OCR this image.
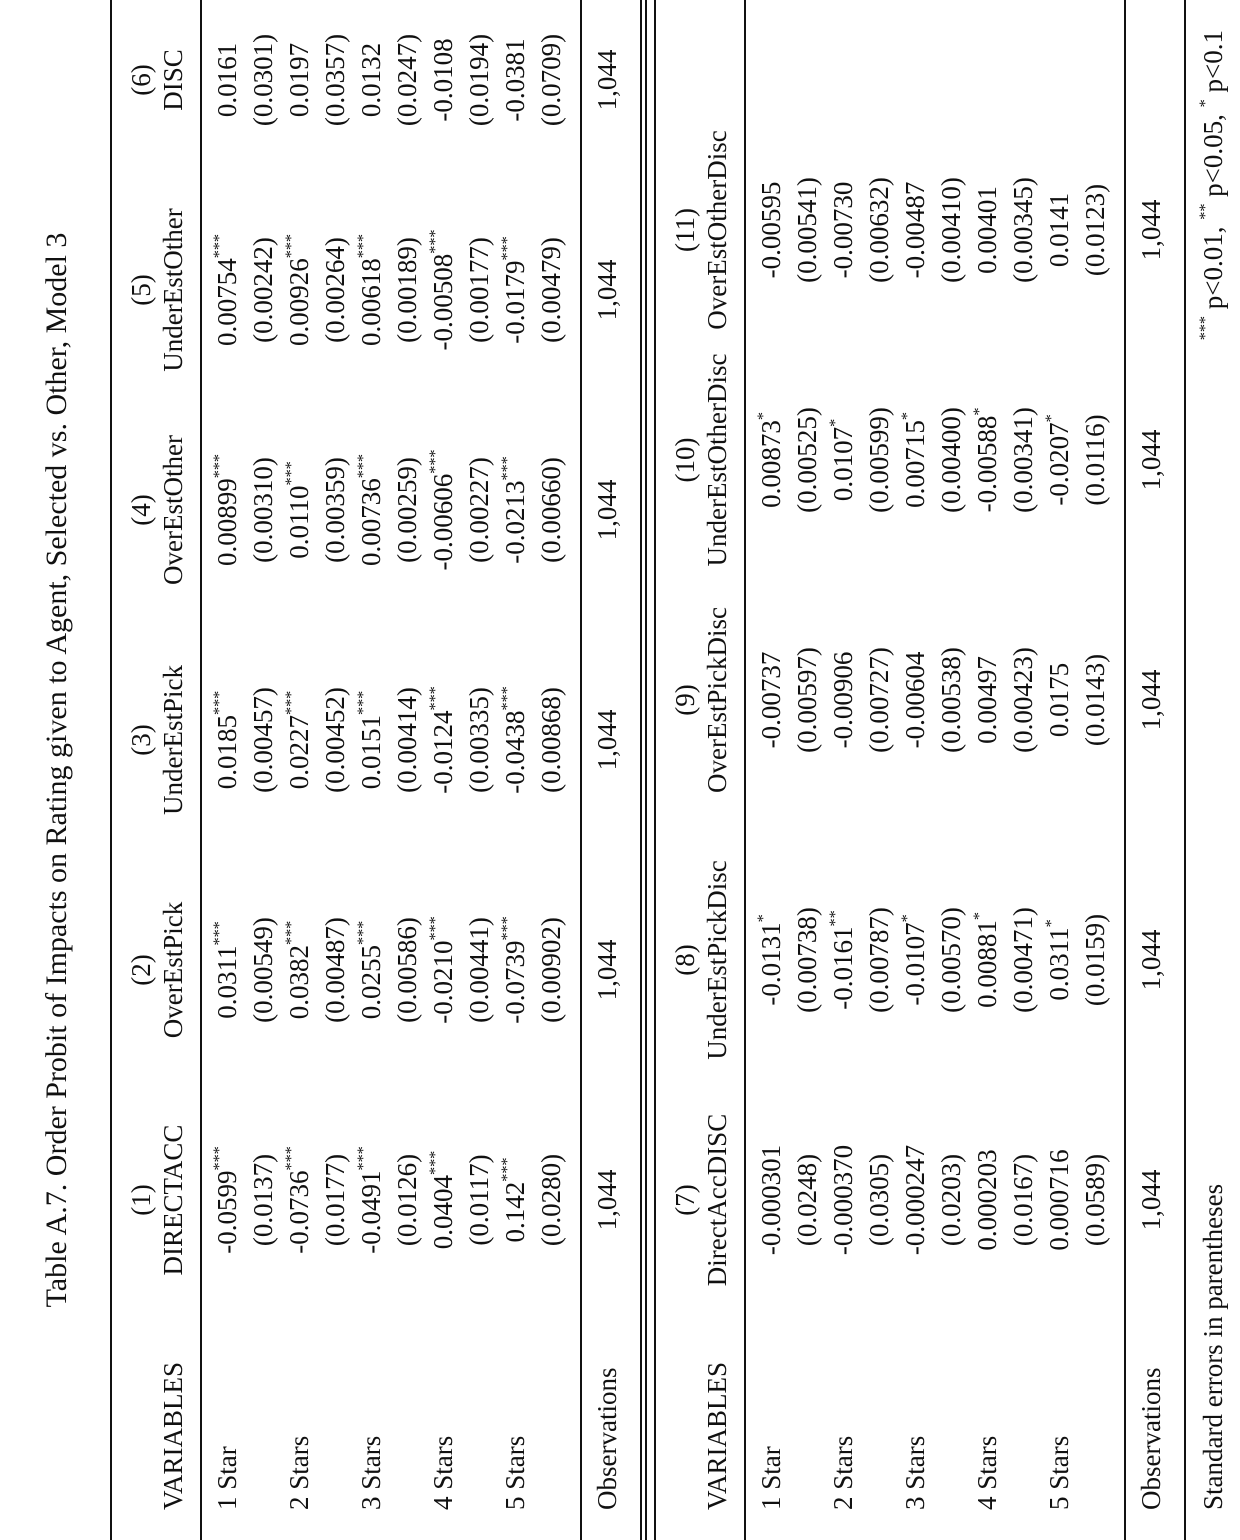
Table A.7. Order Probit of Impacts on Rating given to Agent, Selected vs. Other, Model 3 (1) DIRECTACC
(2) OverEstPick
(3) UnderEstPick
(4) OverEstOther
(5) UnderEstOther
(6) DISC
VARIABLES 1 Star
-0.0599***
0.0311***
0.0185***
0.00899***
0.00754***
0.0161
(0.0137)
(0.00549)
(0.00457)
(0.00310)
(0.00242)
(0.0301)
2 Stars
-0.0736***
0.0382***
0.0227***
0.0110***
0.00926***
0.0197
(0.0177)
(0.00487)
(0.00452)
(0.00359)
(0.00264)
(0.0357)
3 Stars
-0.0491***
0.0255***
0.0151***
0.00736***
0.00618***
0.0132
(0.0126)
(0.00586)
(0.00414)
(0.00259)
(0.00189)
(0.0247)
4 Stars
0.0404***
-0.0210***
-0.0124***
-0.00606***
-0.00508***
-0.0108
(0.0117)
(0.00441)
(0.00335)
(0.00227)
(0.00177)
(0.0194)
5 Stars
0.142***
-0.0739***
-0.0438***
-0.0213***
-0.0179***
-0.0381
(0.0280)
(0.00902)
(0.00868)
(0.00660)
(0.00479)
(0.0709)
Observations
1,044
1,044
1,044
1,044
1,044
1,044
(7) DirectAccDISC
(8) UnderEstPickDisc
(9) OverEstPickDisc
(10) UnderEstOtherDisc
(11) OverEstOtherDisc
VARIABLES 1 Star
-0.000301
-0.0131*
-0.00737
0.00873*
-0.00595
(0.0248)
(0.00738)
(0.00597)
(0.00525)
(0.00541)
2 Stars
-0.000370
-0.0161**
-0.00906
0.0107*
-0.00730
(0.0305)
(0.00787)
(0.00727)
(0.00599)
(0.00632)
3 Stars
-0.000247
-0.0107*
-0.00604
0.00715*
-0.00487
(0.0203)
(0.00570)
(0.00538)
(0.00400)
(0.00410)
4 Stars
0.000203
0.00881*
0.00497
-0.00588*
0.00401
(0.0167)
(0.00471)
(0.00423)
(0.00341)
(0.00345)
5 Stars
0.000716
0.0311*
0.0175
-0.0207*
0.0141
(0.0589)
(0.0159)
(0.0143)
(0.0116)
(0.0123)
Observations
1,044
1,044
1,044
1,044
1,044
Standard errors in parentheses
*** p<0.01, ** p<0.05, * p<0.1
